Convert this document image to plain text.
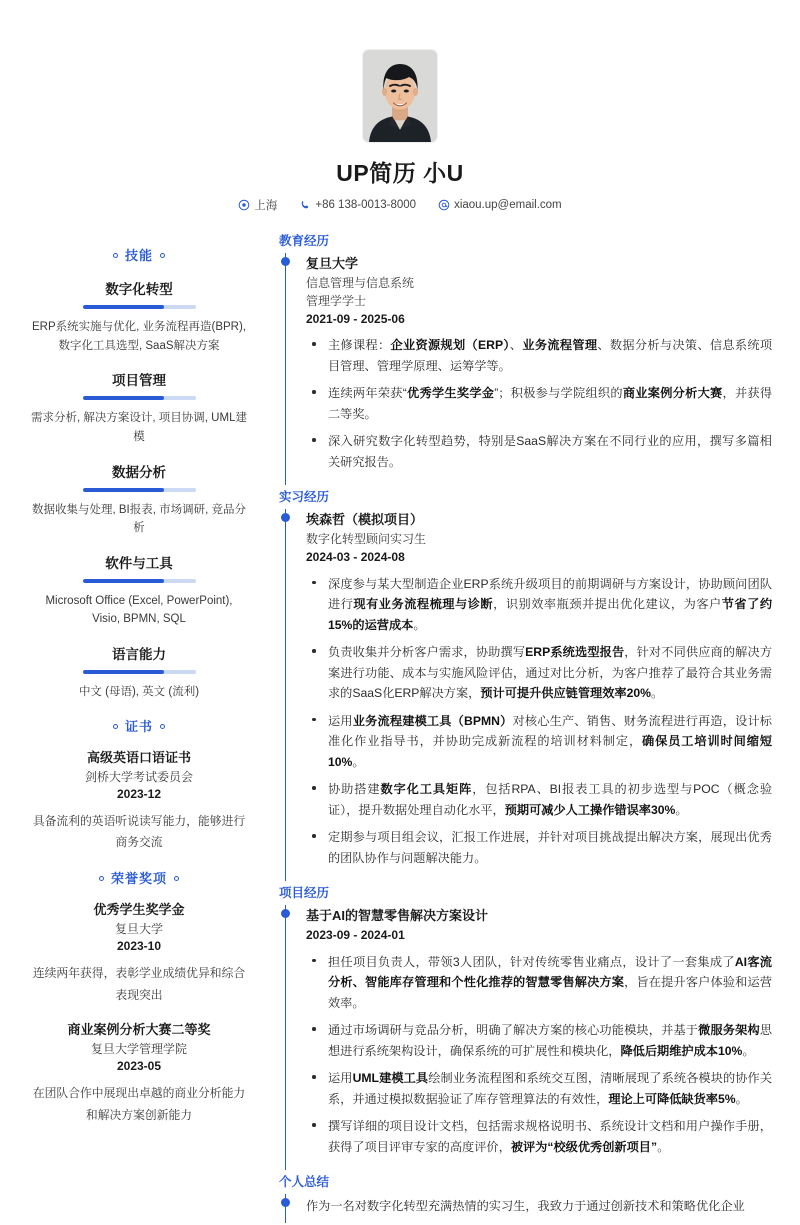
UP简历 小U
上海	+86 138-0013-8000	xiaou.up@email.com
技能
数字化转型
ERP系统实施与优化, 业务流程再造(BPR), 数字化工具选型, SaaS解决方案
项目管理
需求分析, 解决方案设计, 项目协调, UML建模
数据分析
数据收集与处理, BI报表, 市场调研, 竞品分析
软件与工具
Microsoft Office (Excel, PowerPoint), Visio, BPMN, SQL
语言能力
中文 (母语), 英文 (流利)
证书
高级英语口语证书
剑桥大学考试委员会
2023-12
具备流利的英语听说读写能力，能够进行商务交流
荣誉奖项
优秀学生奖学金
复旦大学
2023-10
连续两年获得，表彰学业成绩优异和综合表现突出
商业案例分析大赛二等奖
复旦大学管理学院
2023-05
在团队合作中展现出卓越的商业分析能力和解决方案创新能力
教育经历
复旦大学
信息管理与信息系统
管理学学士
2021-09 - 2025-06
主修课程：企业资源规划（ERP）、业务流程管理、数据分析与决策、信息系统项目管理、管理学原理、运筹学等。
连续两年荣获“优秀学生奖学金”；积极参与学院组织的商业案例分析大赛，并获得二等奖。
深入研究数字化转型趋势，特别是SaaS解决方案在不同行业的应用，撰写多篇相关研究报告。
实习经历
埃森哲（模拟项目）
数字化转型顾问实习生
2024-03 - 2024-08
深度参与某大型制造企业ERP系统升级项目的前期调研与方案设计，协助顾问团队进行现有业务流程梳理与诊断，识别效率瓶颈并提出优化建议，为客户节省了约15%的运营成本。
负责收集并分析客户需求，协助撰写ERP系统选型报告，针对不同供应商的解决方案进行功能、成本与实施风险评估，通过对比分析，为客户推荐了最符合其业务需求的SaaS化ERP解决方案，预计可提升供应链管理效率20%。
运用业务流程建模工具（BPMN）对核心生产、销售、财务流程进行再造，设计标准化作业指导书，并协助完成新流程的培训材料制定，确保员工培训时间缩短10%。
协助搭建数字化工具矩阵，包括RPA、BI报表工具的初步选型与POC（概念验证），提升数据处理自动化水平，预期可减少人工操作错误率30%。
定期参与项目组会议，汇报工作进展，并针对项目挑战提出解决方案，展现出优秀的团队协作与问题解决能力。
项目经历
基于AI的智慧零售解决方案设计
2023-09 - 2024-01
担任项目负责人，带领3人团队，针对传统零售业痛点，设计了一套集成了AI客流分析、智能库存管理和个性化推荐的智慧零售解决方案，旨在提升客户体验和运营效率。
通过市场调研与竞品分析，明确了解决方案的核心功能模块，并基于微服务架构思想进行系统架构设计，确保系统的可扩展性和模块化，降低后期维护成本10%。
运用UML建模工具绘制业务流程图和系统交互图，清晰展现了系统各模块的协作关系，并通过模拟数据验证了库存管理算法的有效性，理论上可降低缺货率5%。
撰写详细的项目设计文档，包括需求规格说明书、系统设计文档和用户操作手册，获得了项目评审专家的高度评价，被评为“校级优秀创新项目”。
个人总结
作为一名对数字化转型充满热情的实习生，我致力于通过创新技术和策略优化企业
